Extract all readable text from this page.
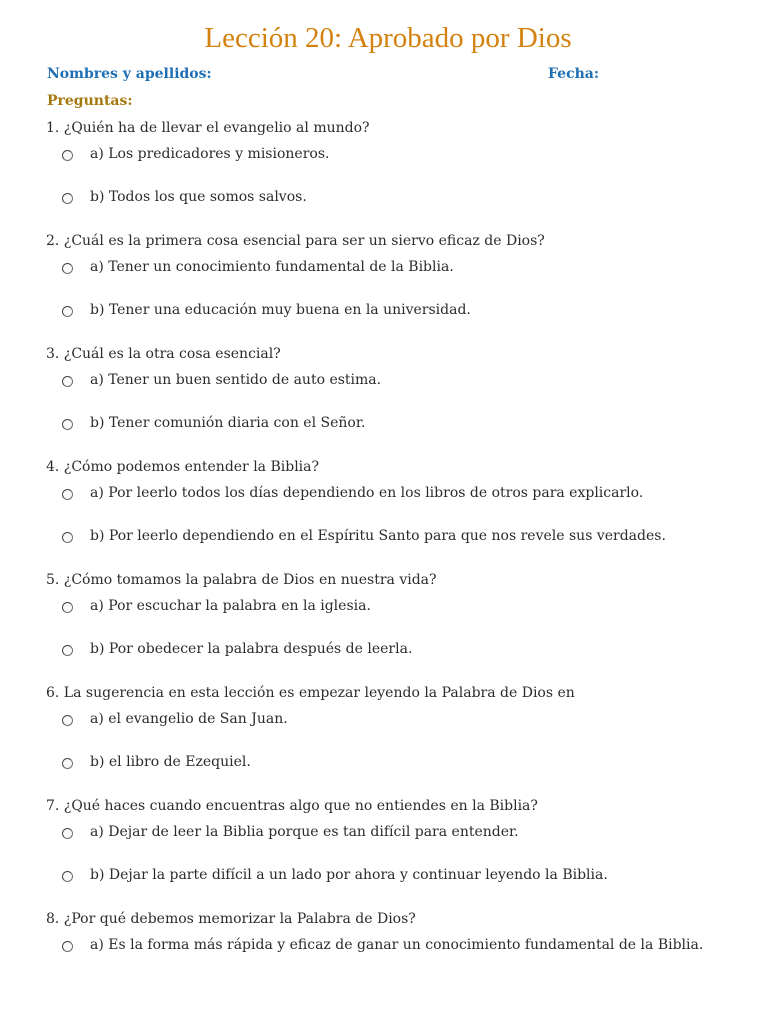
Lección 20: Aprobado por Dios
Nombres y apellidos:	Fecha:
Preguntas:
1. ¿Quién ha de llevar el evangelio al mundo?
a) Los predicadores y misioneros.
b) Todos los que somos salvos.
2. ¿Cuál es la primera cosa esencial para ser un siervo eficaz de Dios?
a) Tener un conocimiento fundamental de la Biblia.
b) Tener una educación muy buena en la universidad.
3. ¿Cuál es la otra cosa esencial?
a) Tener un buen sentido de auto estima.
b) Tener comunión diaria con el Señor.
4. ¿Cómo podemos entender la Biblia?
a) Por leerlo todos los días dependiendo en los libros de otros para explicarlo.
b) Por leerlo dependiendo en el Espíritu Santo para que nos revele sus verdades.
5. ¿Cómo tomamos la palabra de Dios en nuestra vida?
a) Por escuchar la palabra en la iglesia.
b) Por obedecer la palabra después de leerla.
6. La sugerencia en esta lección es empezar leyendo la Palabra de Dios en
a) el evangelio de San Juan.
b) el libro de Ezequiel.
7. ¿Qué haces cuando encuentras algo que no entiendes en la Biblia?
a) Dejar de leer la Biblia porque es tan difícil para entender.
b) Dejar la parte difícil a un lado por ahora y continuar leyendo la Biblia.
8. ¿Por qué debemos memorizar la Palabra de Dios?
a) Es la forma más rápida y eficaz de ganar un conocimiento fundamental de la Biblia.
